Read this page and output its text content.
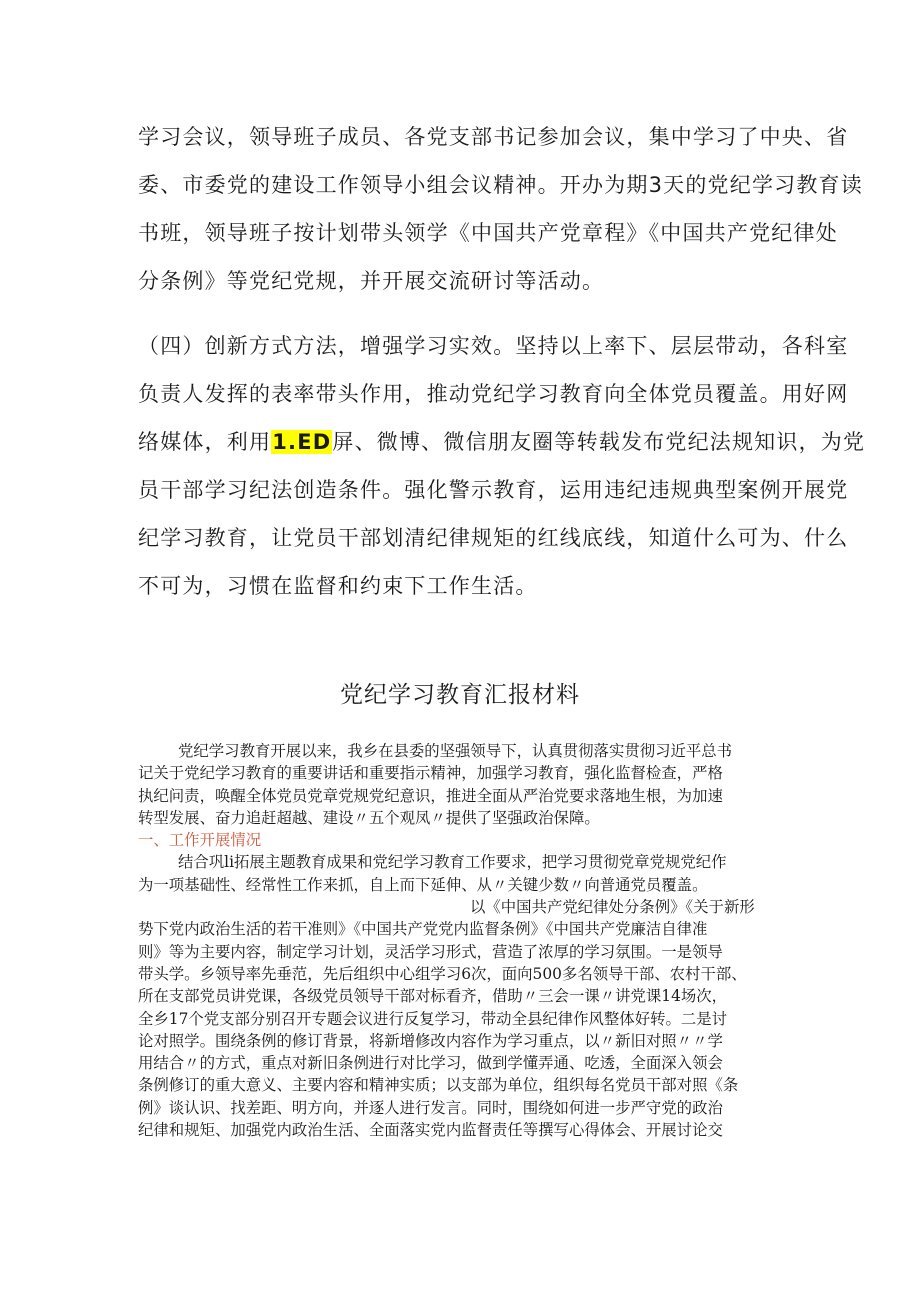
学习会议，领导班子成员、各党支部书记参加会议，集中学习了中央、省
委、市委党的建设工作领导小组会议精神。开办为期3天的党纪学习教育读
书班，领导班子按计划带头领学《中国共产党章程》《中国共产党纪律处
分条例》等党纪党规，并开展交流研讨等活动。
（四）创新方式方法，增强学习实效。坚持以上率下、层层带动，各科室
负责人发挥的表率带头作用，推动党纪学习教育向全体党员覆盖。用好网
络媒体，利用1.ED屏、微博、微信朋友圈等转载发布党纪法规知识，为党
员干部学习纪法创造条件。强化警示教育，运用违纪违规典型案例开展党
纪学习教育，让党员干部划清纪律规矩的红线底线，知道什么可为、什么
不可为，习惯在监督和约束下工作生活。
党纪学习教育汇报材料
党纪学习教育开展以来，我乡在县委的坚强领导下，认真贯彻落实贯彻习近平总书
记关于党纪学习教育的重要讲话和重要指示精神，加强学习教育，强化监督检查，严格
执纪问责，唤醒全体党员党章党规党纪意识，推进全面从严治党要求落地生根，为加速
转型发展、奋力追赶超越、建设〃五个观凤〃提供了坚强政治保障。
一、工作开展情况
结合巩li拓展主题教育成果和党纪学习教育工作要求，把学习贯彻党章党规党纪作
为一项基础性、经常性工作来抓，自上而下延伸、从〃关键少数〃向普通党员覆盖。
以《中国共产党纪律处分条例》《关于新形
势下党内政治生活的若干准则》《中国共产党党内监督条例》《中国共产党廉洁自律准
则》等为主要内容，制定学习计划，灵活学习形式，营造了浓厚的学习氛围。一是领导
带头学。乡领导率先垂范，先后组织中心组学习6次，面向500多名领导干部、农村干部、
所在支部党员讲党课，各级党员领导干部对标看齐，借助〃三会一课〃讲党课14场次，
全乡17个党支部分别召开专题会议进行反复学习，带动全县纪律作风整体好转。二是讨
论对照学。围绕条例的修订背景，将新增修改内容作为学习重点，以〃新旧对照〃〃学
用结合〃的方式，重点对新旧条例进行对比学习，做到学懂弄通、吃透，全面深入领会
条例修订的重大意义、主要内容和精神实质；以支部为单位，组织每名党员干部对照《条
例》谈认识、找差距、明方向，并逐人进行发言。同时，围绕如何进一步严守党的政治
纪律和规矩、加强党内政治生活、全面落实党内监督责任等撰写心得体会、开展讨论交
